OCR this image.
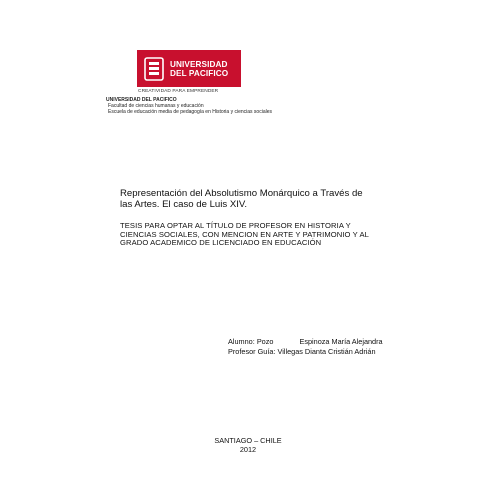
UNIVERSIDAD
DEL PACIFICO
CREATIVIDAD PARA EMPRENDER
UNIVERSIDAD DEL PACIFICO
Facultad de ciencias humanas y educación
Escuela de educación media de pedagogía en Historia y ciencias sociales
Representación del Absolutismo Monárquico a Través de las Artes. El caso de Luis XIV.
TESIS PARA OPTAR AL TÍTULO DE PROFESOR EN HISTORIA Y CIENCIAS SOCIALES, CON MENCION EN ARTE Y PATRIMONIO Y AL GRADO ACADEMICO DE LICENCIADO EN EDUCACIÓN
Alumno: Pozo	Espinoza María Alejandra
Profesor Guía: Villegas Dianta Cristián Adrián
SANTIAGO – CHILE
2012
